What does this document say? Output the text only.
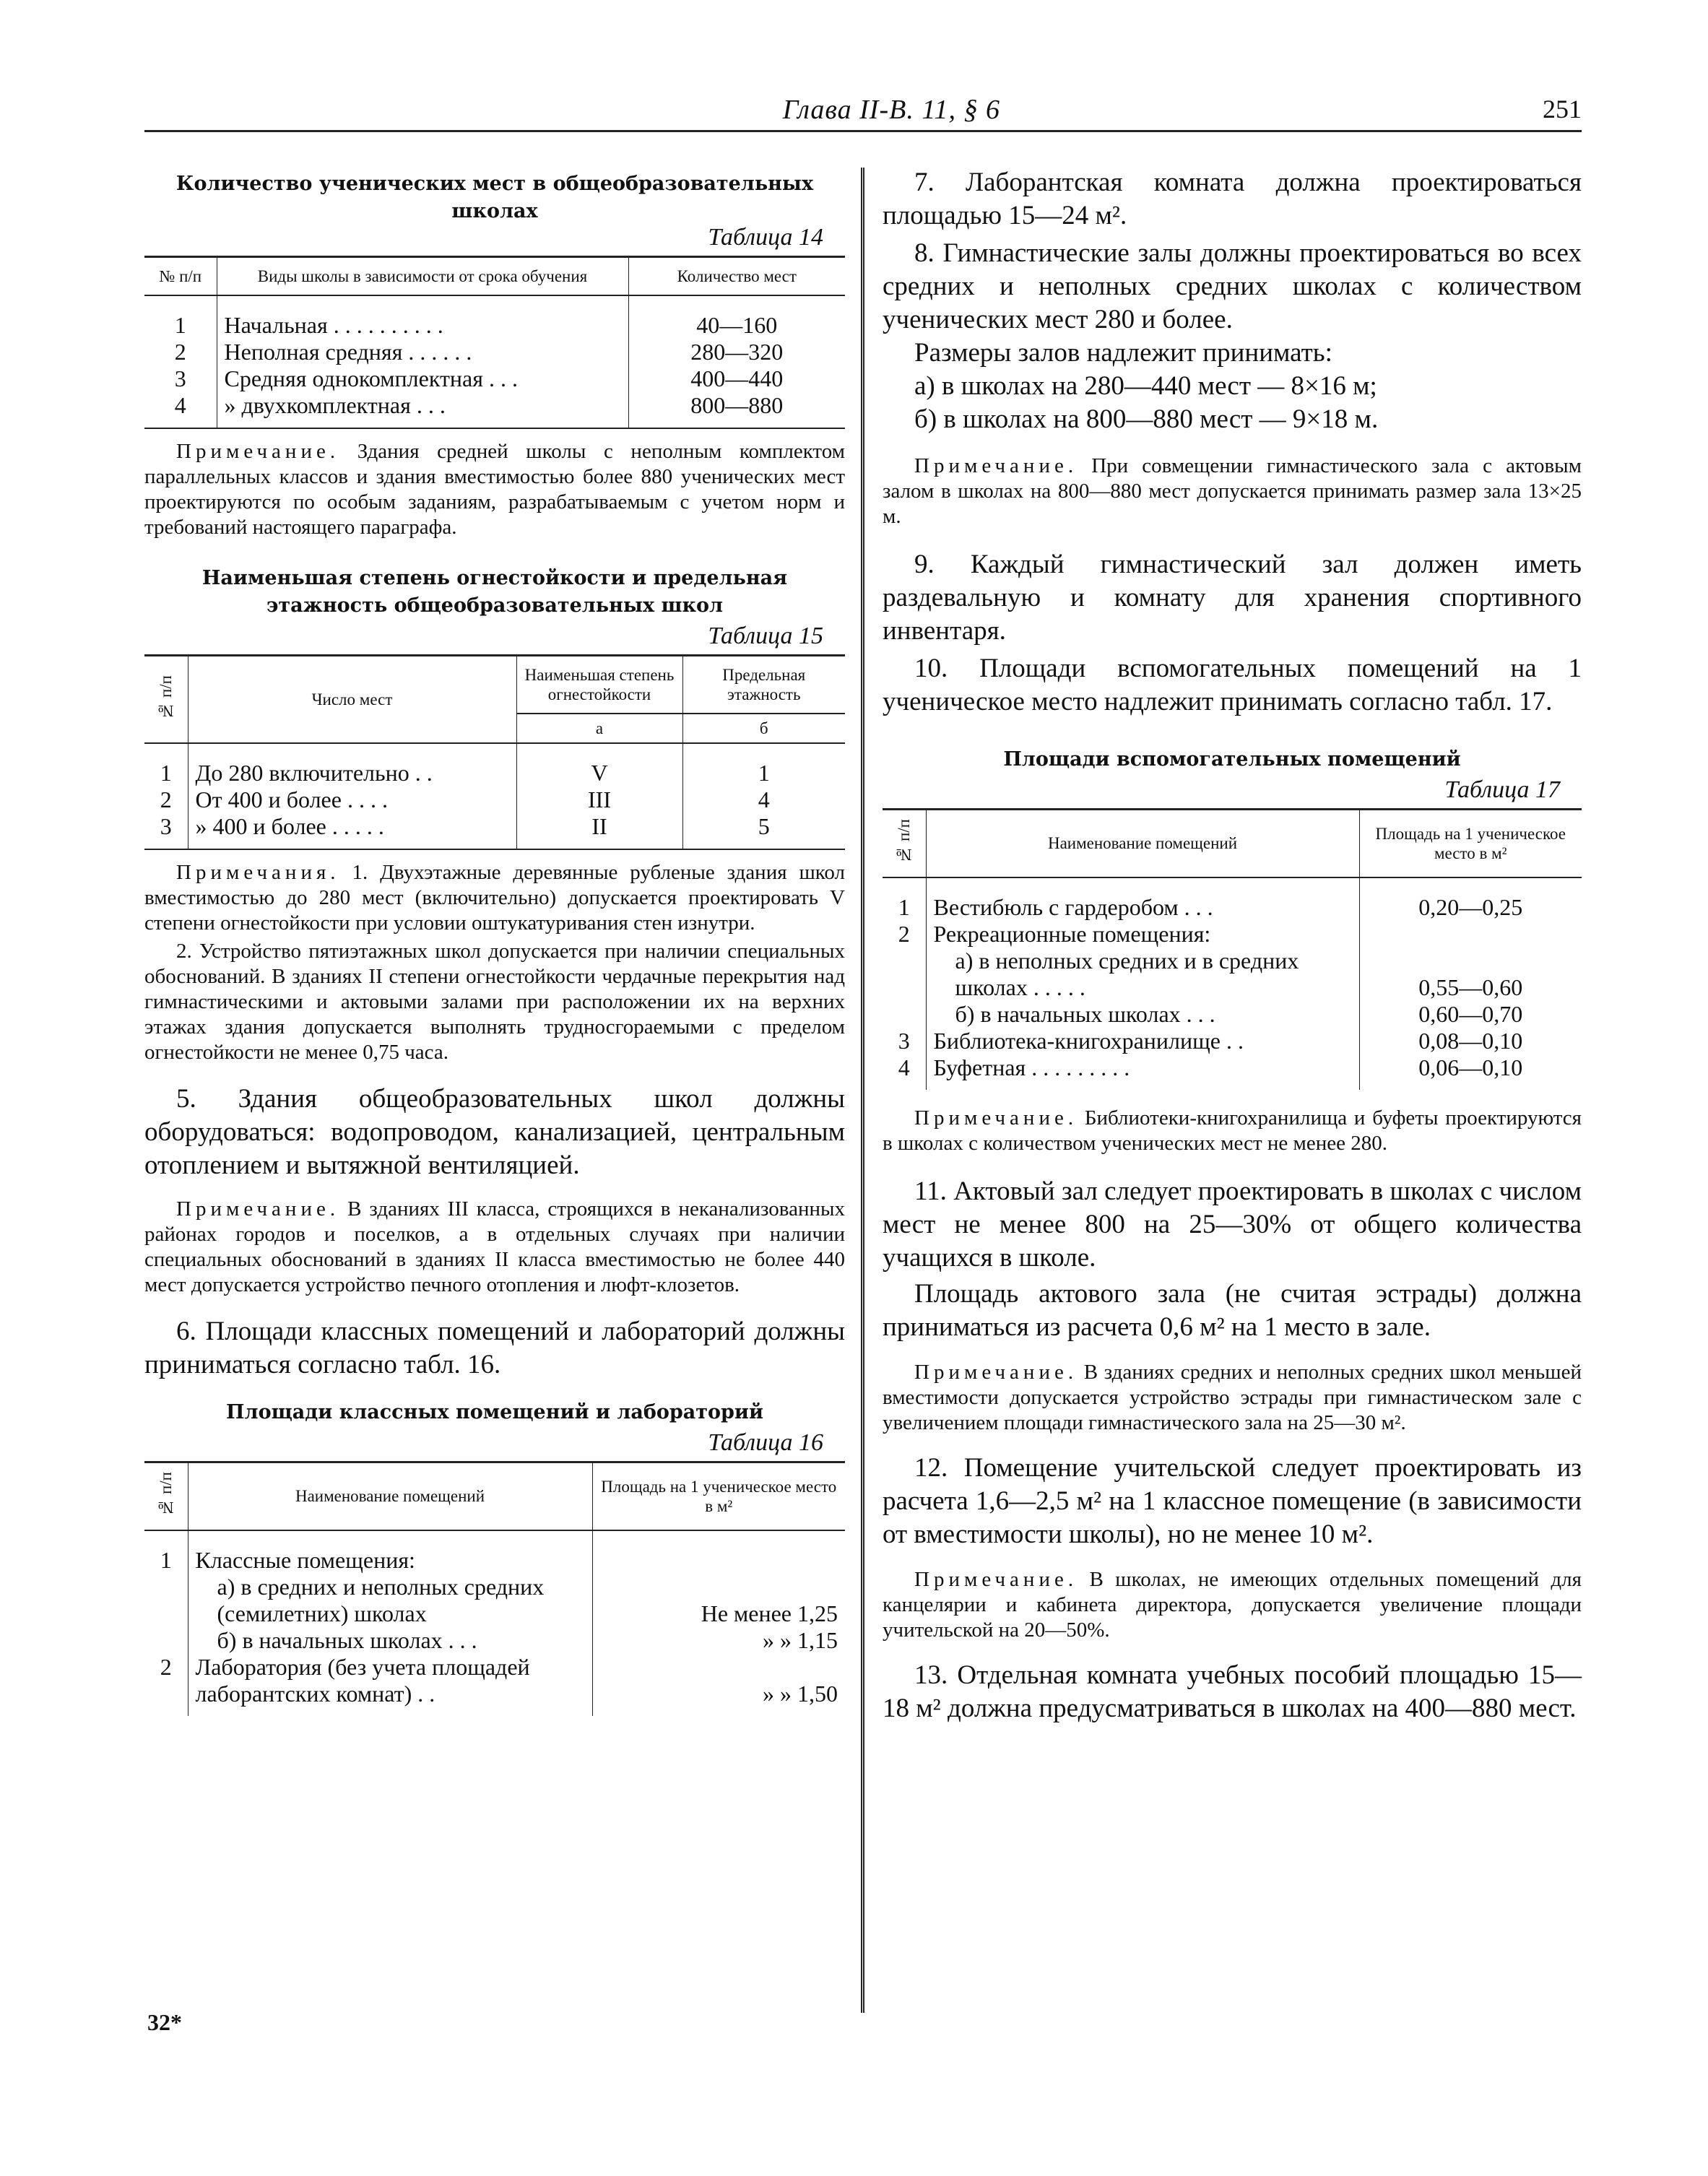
Глава II-В. 11, § 6	251

Количество ученических мест в общеобразовательных школах

Таблица 14
№ п/п	Виды школы в зависимости от срока обучения	Количество мест
1	Начальная . . . . . . . . . .	40—160
2	Неполная средняя . . . . . .	280—320
3	Средняя однокомплектная . . .	400—440
4	» двухкомплектная . . .	800—880

Примечание. Здания средней школы с неполным комплектом параллельных классов и здания вместимостью более 880 ученических мест проектируются по особым заданиям, разрабатываемым с учетом норм и требований настоящего параграфа.

Наименьшая степень огнестойкости и предельная этажность общеобразовательных школ

Таблица 15
№ п/п	Число мест	Наименьшая степень огнестойкости	Предельная этажность
		а	б
1	До 280 включительно . .	V	1
2	От 400 и более . . . .	III	4
3	» 400 и более . . . . .	II	5

Примечания. 1. Двухэтажные деревянные рубленые здания школ вместимостью до 280 мест (включительно) допускается проектировать V степени огнестойкости при условии оштукатуривания стен изнутри.

2. Устройство пятиэтажных школ допускается при наличии специальных обоснований. В зданиях II степени огнестойкости чердачные перекрытия над гимнастическими и актовыми залами при расположении их на верхних этажах здания допускается выполнять трудносгораемыми с пределом огнестойкости не менее 0,75 часа.

5. Здания общеобразовательных школ должны оборудоваться: водопроводом, канализацией, центральным отоплением и вытяжной вентиляцией.

Примечание. В зданиях III класса, строящихся в неканализованных районах городов и поселков, а в отдельных случаях при наличии специальных обоснований в зданиях II класса вместимостью не более 440 мест допускается устройство печного отопления и люфт-клозетов.

6. Площади классных помещений и лабораторий должны приниматься согласно табл. 16.

Площади классных помещений и лабораторий

Таблица 16
№ п/п	Наименование помещений	Площадь на 1 ученическое место в м²
1	Классные помещения:	
	а) в средних и неполных средних (семилетних) школах	Не менее 1,25
	б) в начальных школах . . .	» » 1,15
2	Лаборатория (без учета площадей лаборантских комнат) . .	» » 1,50

7. Лаборантская комната должна проектироваться площадью 15—24 м².

8. Гимнастические залы должны проектироваться во всех средних и неполных средних школах с количеством ученических мест 280 и более.

Размеры залов надлежит принимать:

а) в школах на 280—440 мест — 8×16 м;

б) в школах на 800—880 мест — 9×18 м.

Примечание. При совмещении гимнастического зала с актовым залом в школах на 800—880 мест допускается принимать размер зала 13×25 м.

9. Каждый гимнастический зал должен иметь раздевальную и комнату для хранения спортивного инвентаря.

10. Площади вспомогательных помещений на 1 ученическое место надлежит принимать согласно табл. 17.

Площади вспомогательных помещений

Таблица 17
№ п/п	Наименование помещений	Площадь на 1 ученическое место в м²
1	Вестибюль с гардеробом . . .	0,20—0,25
2	Рекреационные помещения:	
	а) в неполных средних и в средних школах . . . . .	0,55—0,60
	б) в начальных школах . . .	0,60—0,70
3	Библиотека-книгохранилище . .	0,08—0,10
4	Буфетная . . . . . . . . .	0,06—0,10

Примечание. Библиотеки-книгохранилища и буфеты проектируются в школах с количеством ученических мест не менее 280.

11. Актовый зал следует проектировать в школах с числом мест не менее 800 на 25—30% от общего количества учащихся в школе.

Площадь актового зала (не считая эстрады) должна приниматься из расчета 0,6 м² на 1 место в зале.

Примечание. В зданиях средних и неполных средних школ меньшей вместимости допускается устройство эстрады при гимнастическом зале с увеличением площади гимнастического зала на 25—30 м².

12. Помещение учительской следует проектировать из расчета 1,6—2,5 м² на 1 классное помещение (в зависимости от вместимости школы), но не менее 10 м².

Примечание. В школах, не имеющих отдельных помещений для канцелярии и кабинета директора, допускается увеличение площади учительской на 20—50%.

13. Отдельная комната учебных пособий площадью 15—18 м² должна предусматриваться в школах на 400—880 мест.

32*
